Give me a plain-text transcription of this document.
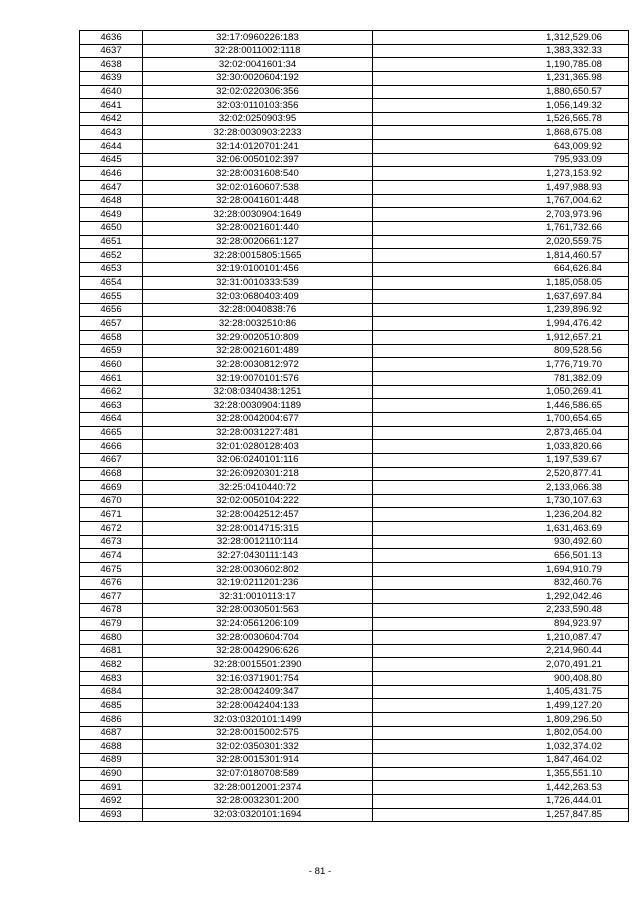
4636	32:17:0960226:183	1,312,529.06
4637	32:28:0011002:1118	1,383,332.33
4638	32:02:0041601:34	1,190,785.08
4639	32:30:0020604:192	1,231,365.98
4640	32:02:0220306:356	1,880,650.57
4641	32:03:0110103:356	1,056,149.32
4642	32:02:0250903:95	1,526,565.78
4643	32:28:0030903:2233	1,868,675.08
4644	32:14:0120701:241	643,009.92
4645	32:06:0050102:397	795,933.09
4646	32:28:0031608:540	1,273,153.92
4647	32:02:0160607:538	1,497,988.93
4648	32:28:0041601:448	1,767,004.62
4649	32:28:0030904:1649	2,703,973.96
4650	32:28:0021601:440	1,761,732.66
4651	32:28:0020661:127	2,020,559.75
4652	32:28:0015805:1565	1,814,460.57
4653	32:19:0100101:456	664,626.84
4654	32:31:0010333:539	1,185,058.05
4655	32:03:0680403:409	1,637,697.84
4656	32:28:0040838:76	1,239,896.92
4657	32:28:0032510:86	1,994,476.42
4658	32:29:0020510:809	1,912,657.21
4659	32:28:0021601:489	809,528.56
4660	32:28:0030812:972	1,776,719.70
4661	32:19:0070101:576	781,382.09
4662	32:08:0340438:1251	1,050,269.41
4663	32:28:0030904:1189	1,446,586.65
4664	32:28:0042004:677	1,700,654.65
4665	32:28:0031227:481	2,873,465.04
4666	32:01:0280128:403	1,033,820.66
4667	32:06:0240101:116	1,197,539.67
4668	32:26:0920301:218	2,520,877.41
4669	32:25:0410440:72	2,133,066.38
4670	32:02:0050104:222	1,730,107.63
4671	32:28:0042512:457	1,236,204.82
4672	32:28:0014715:315	1,631,463.69
4673	32:28:0012110:114	930,492.60
4674	32:27:0430111:143	656,501.13
4675	32:28:0030602:802	1,694,910.79
4676	32:19:0211201:236	832,460.76
4677	32:31:0010113:17	1,292,042.46
4678	32:28:0030501:563	2,233,590.48
4679	32:24:0561206:109	894,923.97
4680	32:28:0030604:704	1,210,087.47
4681	32:28:0042906:626	2,214,960.44
4682	32:28:0015501:2390	2,070,491.21
4683	32:16:0371901:754	900,408.80
4684	32:28:0042409:347	1,405,431.75
4685	32:28:0042404:133	1,499,127.20
4686	32:03:0320101:1499	1,809,296.50
4687	32:28:0015002:575	1,802,054.00
4688	32:02:0350301:332	1,032,374.02
4689	32:28:0015301:914	1,847,464.02
4690	32:07:0180708:589	1,355,551.10
4691	32:28:0012001:2374	1,442,263.53
4692	32:28:0032301:200	1,726,444.01
4693	32:03:0320101:1694	1,257,847.85
- 81 -
